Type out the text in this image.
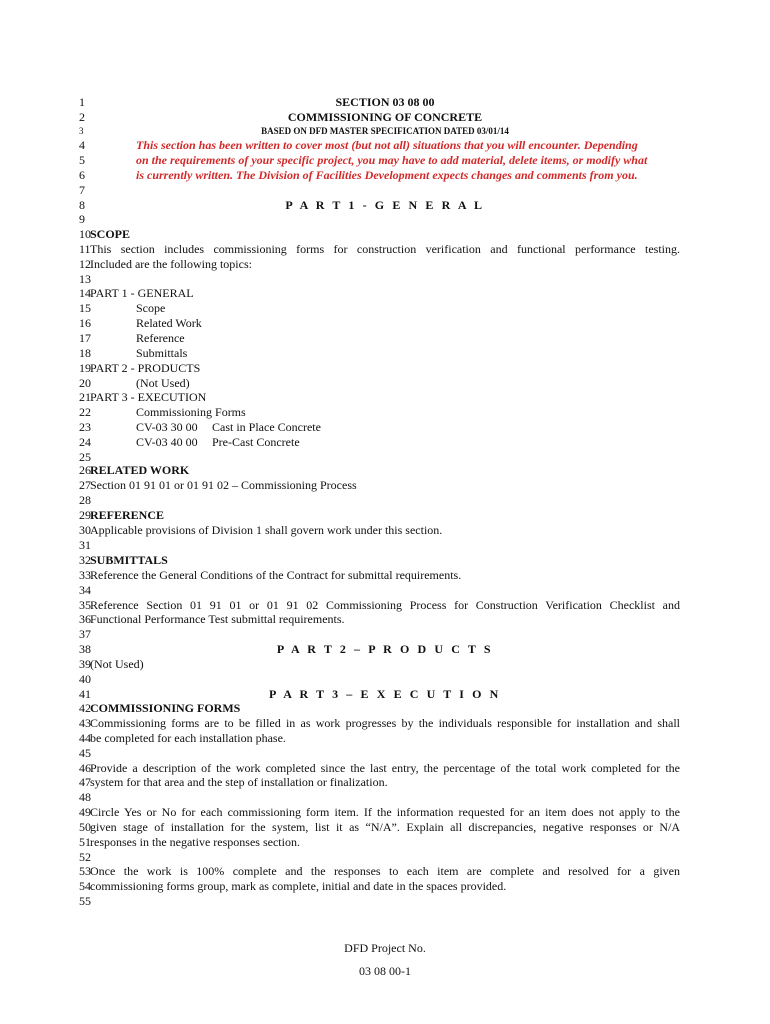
1
2
3
4
5
6
7
8
9
10
11
12
13
14
15
16
17
18
19
20
21
22
23
24
25
26
27
28
29
30
31
32
33
34
35
36
37
38
39
40
41
42
43
44
45
46
47
48
49
50
51
52
53
54
55
SECTION 03 08 00
COMMISSIONING OF CONCRETE
BASED ON DFD MASTER SPECIFICATION DATED 03/01/14
This section has been written to cover most (but not all) situations that you will encounter. Depending
on the requirements of your specific project, you may have to add material, delete items, or modify what
is currently written. The Division of Facilities Development expects changes and comments from you.
P A R T 1 - G E N E R A L
SCOPE
This section includes commissioning forms for construction verification and functional performance testing.
Included are the following topics:
PART 1 - GENERAL
Scope
Related Work
Reference
Submittals
PART 2 - PRODUCTS
(Not Used)
PART 3 - EXECUTION
Commissioning Forms
CV-03 30 00	Cast in Place Concrete
CV-03 40 00	Pre-Cast Concrete
RELATED WORK
Section 01 91 01 or 01 91 02 – Commissioning Process
REFERENCE
Applicable provisions of Division 1 shall govern work under this section.
SUBMITTALS
Reference the General Conditions of the Contract for submittal requirements.
Reference Section 01 91 01 or 01 91 02 Commissioning Process for Construction Verification Checklist and
Functional Performance Test submittal requirements.
P A R T 2 – P R O D U C T S
(Not Used)
P A R T 3 – E X E C U T I O N
COMMISSIONING FORMS
Commissioning forms are to be filled in as work progresses by the individuals responsible for installation and shall
be completed for each installation phase.
Provide a description of the work completed since the last entry, the percentage of the total work completed for the
system for that area and the step of installation or finalization.
Circle Yes or No for each commissioning form item. If the information requested for an item does not apply to the
given stage of installation for the system, list it as “N/A”. Explain all discrepancies, negative responses or N/A
responses in the negative responses section.
Once the work is 100% complete and the responses to each item are complete and resolved for a given
commissioning forms group, mark as complete, initial and date in the spaces provided.
DFD Project No.
03 08 00-1
